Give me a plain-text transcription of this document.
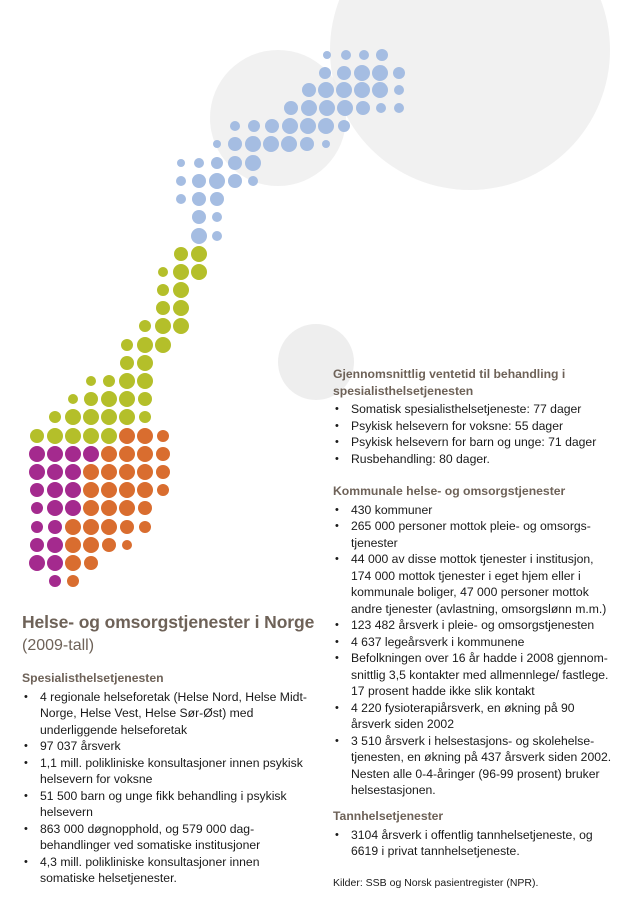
Helse- og omsorgstjenester i Norge

(2009-tall)

Spesialisthelsetjenesten
• 4 regionale helseforetak (Helse Nord, Helse Midt-Norge, Helse Vest, Helse Sør-Øst) med underliggende helseforetak
• 97 037 årsverk
• 1,1 mill. polikliniske konsultasjoner innen psykisk helsevern for voksne
• 51 500 barn og unge fikk behandling i psykisk helsevern
• 863 000 døgnopphold, og 579 000 dag-behandlinger ved somatiske institusjoner
• 4,3 mill. polikliniske konsultasjoner innen somatiske helsetjenester.
Gjennomsnittlig ventetid til behandling i spesialisthelsetjenesten
• Somatisk spesialisthelsetjeneste: 77 dager
• Psykisk helsevern for voksne: 55 dager
• Psykisk helsevern for barn og unge: 71 dager
• Rusbehandling: 80 dager.
Kommunale helse- og omsorgstjenester
• 430 kommuner
• 265 000 personer mottok pleie- og omsorgs-tjenester
• 44 000 av disse mottok tjenester i institusjon, 174 000 mottok tjenester i eget hjem eller i kommunale boliger, 47 000 personer mottok andre tjenester (avlastning, omsorgslønn m.m.)
• 123 482 årsverk i pleie- og omsorgstjenesten
• 4 637 legeårsverk i kommunene
• Befolkningen over 16 år hadde i 2008 gjennom-snittlig 3,5 kontakter med allmennlege/ fastlege. 17 prosent hadde ikke slik kontakt
• 4 220 fysioterapiårsverk, en økning på 90 årsverk siden 2002
• 3 510 årsverk i helsestasjons- og skolehelse-tjenesten, en økning på 437 årsverk siden 2002. Nesten alle 0-4-åringer (96-99 prosent) bruker helsestasjonen.
Tannhelsetjenester
• 3104 årsverk i offentlig tannhelsetjeneste, og 6619 i privat tannhelsetjeneste.

Kilder: SSB og Norsk pasientregister (NPR).
